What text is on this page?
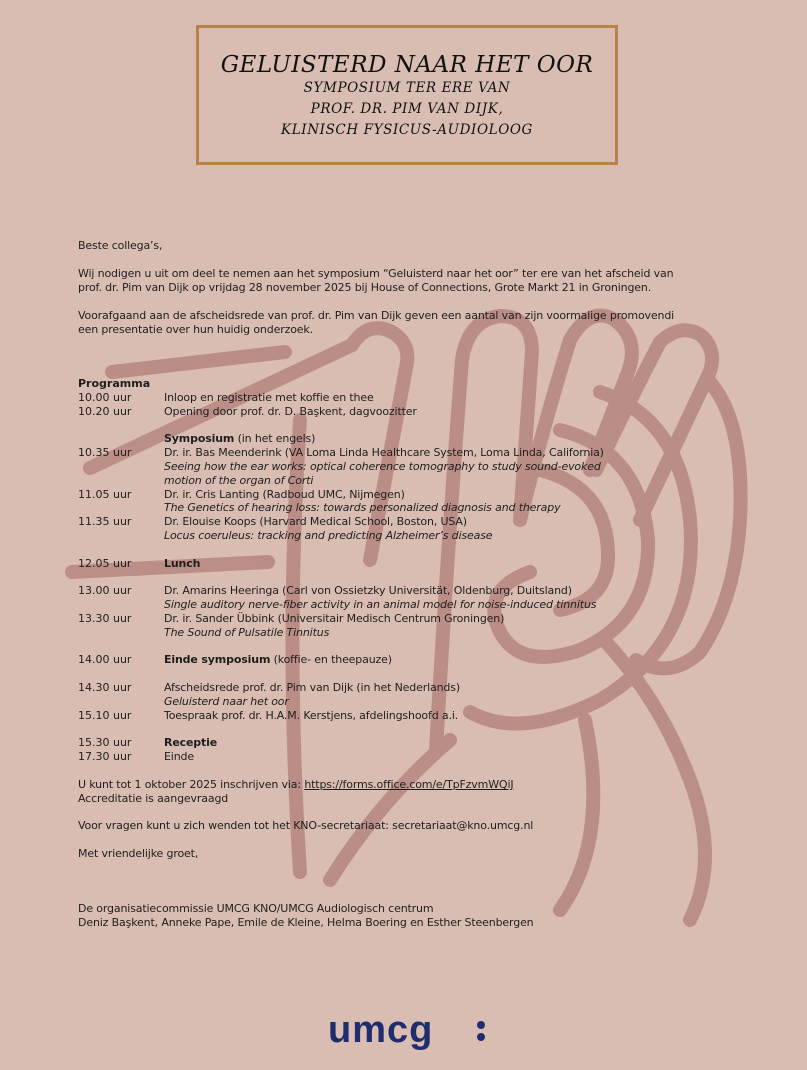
GELUISTERD NAAR HET OOR
SYMPOSIUM TER ERE VAN
PROF. DR. PIM VAN DIJK,
KLINISCH FYSICUS-AUDIOLOOG
Beste collega’s,
Wij nodigen u uit om deel te nemen aan het symposium “Geluisterd naar het oor” ter ere van het afscheid van
prof. dr. Pim van Dijk op vrijdag 28 november 2025 bij House of Connections, Grote Markt 21 in Groningen.
Voorafgaand aan de afscheidsrede van prof. dr. Pim van Dijk geven een aantal van zijn voormalige promovendi
een presentatie over hun huidig onderzoek.
Programma
10.00 uur	Inloop en registratie met koffie en thee
10.20 uur	Opening door prof. dr. D. Başkent, dagvoozitter
Symposium (in het engels)
10.35 uur	Dr. ir. Bas Meenderink (VA Loma Linda Healthcare System, Loma Linda, California)
Seeing how the ear works: optical coherence tomography to study sound-evoked
motion of the organ of Corti
11.05 uur	Dr. ir. Cris Lanting (Radboud UMC, Nijmegen)
The Genetics of hearing loss: towards personalized diagnosis and therapy
11.35 uur	Dr. Elouise Koops (Harvard Medical School, Boston, USA)
Locus coeruleus: tracking and predicting Alzheimer’s disease
12.05 uur	Lunch
13.00 uur	Dr. Amarins Heeringa (Carl von Ossietzky Universität, Oldenburg, Duitsland)
Single auditory nerve-fiber activity in an animal model for noise-induced tinnitus
13.30 uur	Dr. ir. Sander Übbink (Universitair Medisch Centrum Groningen)
The Sound of Pulsatile Tinnitus
14.00 uur	Einde symposium (koffie- en theepauze)
14.30 uur	Afscheidsrede prof. dr. Pim van Dijk (in het Nederlands)
Geluisterd naar het oor
15.10 uur	Toespraak prof. dr. H.A.M. Kerstjens, afdelingshoofd a.i.
15.30 uur	Receptie
17.30 uur	Einde
U kunt tot 1 oktober 2025 inschrijven via: https://forms.office.com/e/TpFzvmWQiJ
Accreditatie is aangevraagd
Voor vragen kunt u zich wenden tot het KNO-secretariaat: secretariaat@kno.umcg.nl
Met vriendelijke groet,
De organisatiecommissie UMCG KNO/UMCG Audiologisch centrum
Deniz Başkent, Anneke Pape, Emile de Kleine, Helma Boering en Esther Steenbergen
umcg
